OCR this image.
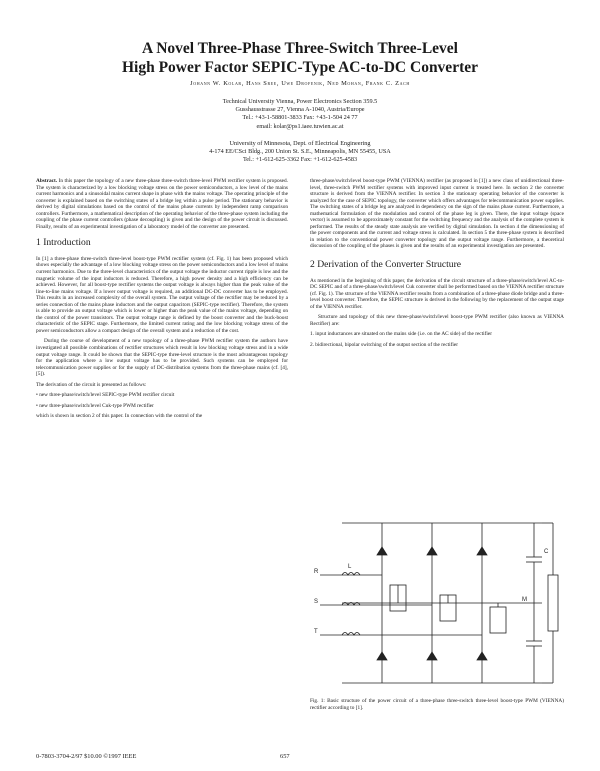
A Novel Three-Phase Three-Switch Three-Level
High Power Factor SEPIC-Type AC-to-DC Converter
Johann W. Kolar, Hans Sree, Uwe Drofenik, Ned Mohan, Frank C. Zach

Technical University Vienna, Power Electronics Section 359.5

Gusshausstrasse 27, Vienna A-1040, Austria/Europe

Tel.: +43-1-58801-3833 Fax: +43-1-504 24 77

email: kolar@ps1.iaee.tuwien.ac.at

University of Minnesota, Dept. of Electrical Engineering

4-174 EE/CSci Bldg., 200 Union St. S.E., Minneapolis, MN 55455, USA

Tel.: +1-612-625-3362 Fax: +1-612-625-4583

Abstract. In this paper the topology of a new three-phase three-switch three-level PWM rectifier system is proposed. The system is characterized by a low blocking voltage stress on the power semiconductors, a low level of the mains current harmonics and a sinusoidal mains current shape in phase with the mains voltage. The operating principle of the converter is explained based on the switching states of a bridge leg within a pulse period. The stationary behavior is derived by digital simulations based on the control of the mains phase currents by independent ramp comparison controllers. Furthermore, a mathematical description of the operating behavior of the three-phase system including the coupling of the phase current controllers (phase decoupling) is given and the design of the power circuit is discussed. Finally, results of an experimental investigation of a laboratory model of the converter are presented.

1 Introduction

In [1] a three-phase three-switch three-level boost-type PWM rectifier system (cf. Fig. 1) has been proposed which shows especially the advantage of a low blocking voltage stress on the power semiconductors and a low level of mains current harmonics. Due to the three-level characteristics of the output voltage the inductor current ripple is low and the magnetic volume of the input inductors is reduced. Therefore, a high power density and a high efficiency can be achieved. However, for all boost-type rectifier systems the output voltage is always higher than the peak value of the line-to-line mains voltage. If a lower output voltage is required, an additional DC-DC converter has to be employed. This results in an increased complexity of the overall system. The output voltage of the rectifier may be reduced by a series connection of the mains phase inductors and the output capacitors (SEPIC-type rectifier). Therefore, the system is able to provide an output voltage which is lower or higher than the peak value of the mains voltage, depending on the control of the power transistors. The output voltage range is defined by the boost converter and the buck-boost characteristic of the SEPIC stage. Furthermore, the limited current rating and the low blocking voltage stress of the power semiconductors allow a compact design of the overall system and a reduction of the cost.

During the course of development of a new topology of a three-phase PWM rectifier system the authors have investigated all possible combinations of rectifier structures which result in low blocking voltage stress and in a wide output voltage range. It could be shown that the SEPIC-type three-level structure is the most advantageous topology for the application where a low output voltage has to be provided. Such systems can be employed for telecommunication power supplies or for the supply of DC-distribution systems from the three-phase mains (cf. [4], [5]).

The derivation of the circuit is presented as follows:

• new three-phase/switch/level SEPIC-type PWM rectifier circuit

• new three-phase/switch/level Cuk-type PWM rectifier

which is shown in section 2 of this paper. In connection with the control of the

three-phase/switch/level boost-type PWM (VIENNA) rectifier (as proposed in [1]) a new class of unidirectional three-level, three-switch PWM rectifier systems with improved input current is treated here. In section 2 the converter structure is derived from the VIENNA rectifier. In section 3 the stationary operating behavior of the converter is analyzed for the case of SEPIC topology, the converter which offers advantages for telecommunication power supplies. The switching states of a bridge leg are analyzed in dependency on the sign of the mains phase current. Furthermore, a mathematical formulation of the modulation and control of the phase leg is given. There, the input voltage (space vector) is assumed to be approximately constant for the switching frequency and the analysis of the complete system is performed. The results of the steady state analysis are verified by digital simulation. In section 4 the dimensioning of the power components and the current and voltage stress is calculated. In section 5 the three-phase system is described in relation to the conventional power converter topology and the output voltage range. Furthermore, a theoretical discussion of the coupling of the phases is given and the results of an experimental investigation are presented.

2 Derivation of the Converter Structure

As mentioned in the beginning of this paper, the derivation of the circuit structure of a three-phase/switch/level AC-to-DC SEPIC and of a three-phase/switch/level Cuk converter shall be performed based on the VIENNA rectifier structure (cf. Fig. 1). The structure of the VIENNA rectifier results from a combination of a three-phase diode bridge and a three-level boost converter. Therefore, the SEPIC structure is derived in the following by the replacement of the output stage of the VIENNA rectifier.

Structure and topology of this new three-phase/switch/level boost-type PWM rectifier (also known as VIENNA Rectifier) are:

1. input inductances are situated on the mains side (i.e. on the AC side) of the rectifier

2. bidirectional, bipolar switching of the output section of the rectifier

R
S
T
L
C
M
Fig. 1: Basic structure of the power circuit of a three-phase three-switch three-level boost-type PWM (VIENNA) rectifier according to [1].
0-7803-3704-2/97 $10.00 ©1997 IEEE	657
